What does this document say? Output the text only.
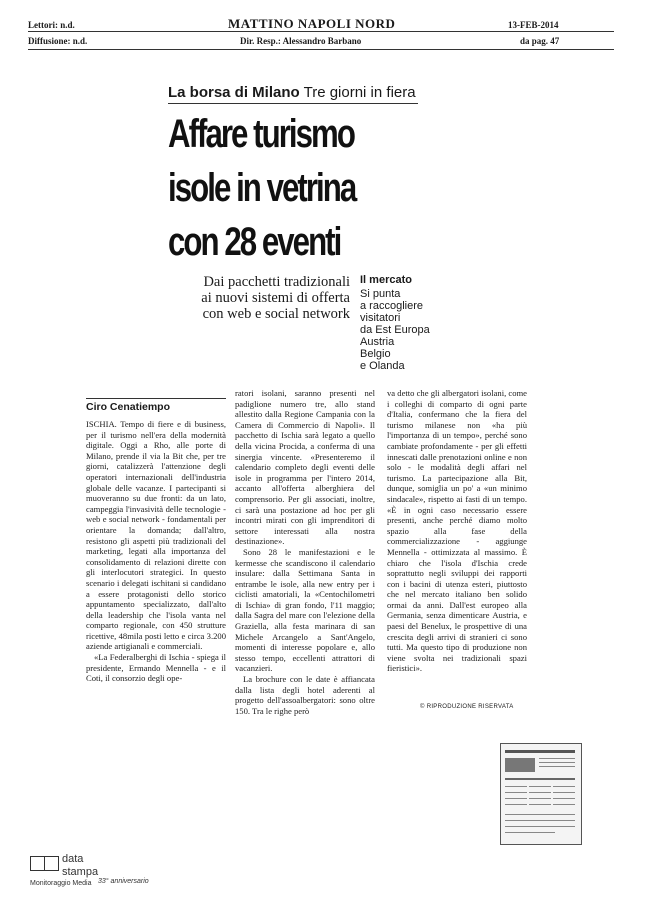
Lettori: n.d.
Diffusione: n.d.
MATTINO NAPOLI NORD
Dir. Resp.: Alessandro Barbano
13-FEB-2014
da pag. 47
La borsa di Milano Tre giorni in fiera
Affare turismo
isole in vetrina
con 28 eventi
Dai pacchetti tradizionali
ai nuovi sistemi di offerta
con web e social network
Il mercato
Si punta
a raccogliere
visitatori
da Est Europa
Austria
Belgio
e Olanda
Ciro Cenatiempo

ISCHIA. Tempo di fiere e di business, per il turismo nell'era della modernità digitale. Oggi a Rho, alle porte di Milano, prende il via la Bit che, per tre giorni, catalizzerà l'attenzione degli operatori internazionali dell'industria globale delle vacanze. I partecipanti si muoveranno su due fronti: da un lato, campeggia l'invasività delle tecnologie - web e social network - fondamentali per orientare la domanda; dall'altro, resistono gli aspetti più tradizionali del marketing, legati alla importanza del consolidamento di relazioni dirette con gli interlocutori strategici. In questo scenario i delegati ischitani si candidano a essere protagonisti dello storico appuntamento specializzato, dall'alto della leadership che l'isola vanta nel comparto regionale, con 450 strutture ricettive, 48mila posti letto e circa 3.200 aziende artigianali e commerciali.

«La Federalberghi di Ischia - spiega il presidente, Ermando Mennella - e il Coti, il consorzio degli ope-

ratori isolani, saranno presenti nel padiglione numero tre, allo stand allestito dalla Regione Campania con la Camera di Commercio di Napoli». Il pacchetto di Ischia sarà legato a quello della vicina Procida, a conferma di una sinergia vincente. «Presenteremo il calendario completo degli eventi delle isole in programma per l'intero 2014, accanto all'offerta alberghiera del comprensorio. Per gli associati, inoltre, ci sarà una postazione ad hoc per gli incontri mirati con gli imprenditori di settore interessati alla nostra destinazione».

Sono 28 le manifestazioni e le kermesse che scandiscono il calendario insulare: dalla Settimana Santa in entrambe le isole, alla new entry per i ciclisti amatoriali, la «Centochilometri di Ischia» di gran fondo, l'11 maggio; dalla Sagra del mare con l'elezione della Graziella, alla festa marinara di san Michele Arcangelo a Sant'Angelo, momenti di interesse popolare e, allo stesso tempo, eccellenti attrattori di vacanzieri.

La brochure con le date è affiancata dalla lista degli hotel aderenti al progetto dell'assoalbergatori: sono oltre 150. Tra le righe però

va detto che gli albergatori isolani, come i colleghi di comparto di ogni parte d'Italia, confermano che la fiera del turismo milanese non «ha più l'importanza di un tempo», perché sono cambiate profondamente - per gli effetti innescati dalle prenotazioni online e non solo - le modalità degli affari nel turismo. La partecipazione alla Bit, dunque, somiglia un po' a «un minimo sindacale», rispetto ai fasti di un tempo. «È in ogni caso necessario essere presenti, anche perché diamo molto spazio alla fase della commercializzazione - aggiunge Mennella - ottimizzata al massimo. È chiaro che l'isola d'Ischia crede soprattutto negli sviluppi dei rapporti con i bacini di utenza esteri, piuttosto che nel mercato italiano ben solido ormai da anni. Dall'est europeo alla Germania, senza dimenticare Austria, e paesi del Benelux, le prospettive di una crescita degli arrivi di stranieri ci sono tutti. Ma questo tipo di produzione non viene svolta nei tradizionali spazi fieristici».

© RIPRODUZIONE RISERVATA
data
stampa
Monitoraggio Media 33° anniversario
